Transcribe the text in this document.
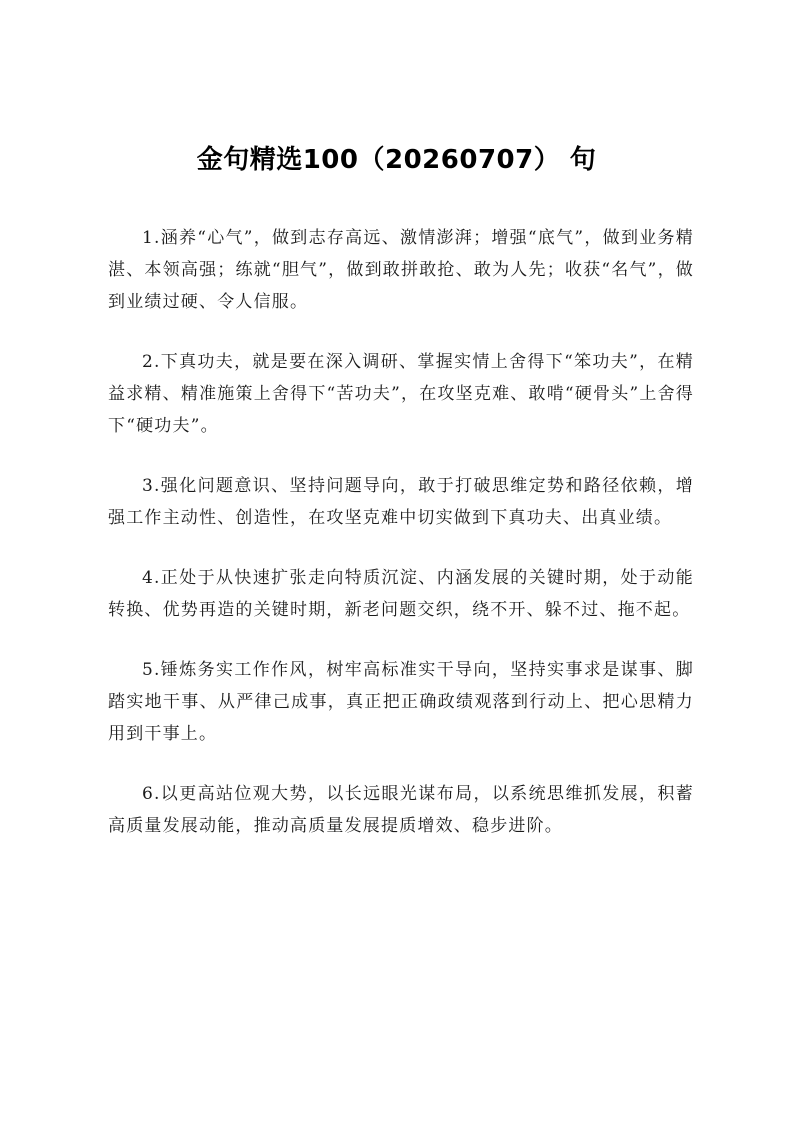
金句精选100（20260707） 句

1.涵养“心气”，做到志存高远、激情澎湃；增强“底气”，做到业务精湛、本领高强；练就“胆气”，做到敢拼敢抢、敢为人先；收获“名气”，做到业绩过硬、令人信服。

2.下真功夫，就是要在深入调研、掌握实情上舍得下“笨功夫”，在精益求精、精准施策上舍得下“苦功夫”，在攻坚克难、敢啃“硬骨头”上舍得下“硬功夫”。

3.强化问题意识、坚持问题导向，敢于打破思维定势和路径依赖，增强工作主动性、创造性，在攻坚克难中切实做到下真功夫、出真业绩。

4.正处于从快速扩张走向特质沉淀、内涵发展的关键时期，处于动能转换、优势再造的关键时期，新老问题交织，绕不开、躲不过、拖不起。

5.锤炼务实工作作风，树牢高标准实干导向，坚持实事求是谋事、脚踏实地干事、从严律己成事，真正把正确政绩观落到行动上、把心思精力用到干事上。

6.以更高站位观大势，以长远眼光谋布局，以系统思维抓发展，积蓄高质量发展动能，推动高质量发展提质增效、稳步进阶。
